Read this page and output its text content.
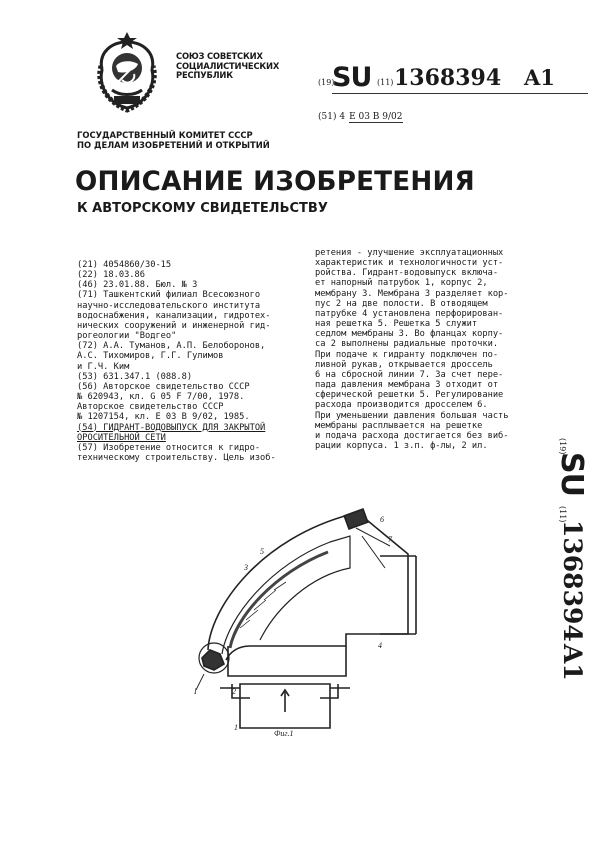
СОЮЗ СОВЕТСКИХ
СОЦИАЛИСТИЧЕСКИХ
РЕСПУБЛИК
(19)
SU (11) 1368394 A1
(51) 4 E 03 B 9/02
ГОСУДАРСТВЕННЫЙ КОМИТЕТ СССР
ПО ДЕЛАМ ИЗОБРЕТЕНИЙ И ОТКРЫТИЙ
ОПИСАНИЕ ИЗОБРЕТЕНИЯ
К АВТОРСКОМУ СВИДЕТЕЛЬСТВУ
(21) 4054860/30-15
(22) 18.03.86
(46) 23.01.88. Бюл. № 3
(71) Ташкентский филиал Всесоюзного
научно-исследовательского института
водоснабжения, канализации, гидротех-
нических сооружений и инженерной гид-
рогеологии "Водгео"
(72) А.А. Туманов, А.П. Белоборонов,
А.С. Тихомиров, Г.Г. Гулимов
и Г.Ч. Ким
(53) 631.347.1 (088.8)
(56) Авторское свидетельство СССР
№ 620943, кл. G 05 F 7/00, 1978.
Авторское свидетельство СССР
№ 1207154, кл. E 03 B 9/02, 1985.
(54) ГИДРАНТ-ВОДОВЫПУСК ДЛЯ ЗАКРЫТОЙ
ОРОСИТЕЛЬНОЙ СЕТИ
(57) Изобретение относится к гидро-
техническому строительству. Цель изоб-
ретения - улучшение эксплуатационных
характеристик и технологичности уст-
ройства. Гидрант-водовыпуск включа-
ет напорный патрубок 1, корпус 2,
мембрану 3. Мембрана 3 разделяет кор-
пус 2 на две полости. В отводящем
патрубке 4 установлена перфорирован-
ная решетка 5. Решетка 5 служит
седлом мембраны 3. Во фланцах корпу-
са 2 выполнены радиальные проточки.
При подаче к гидранту подключен по-
ливной рукав, открывается дроссель
6 на сбросной линии 7. За счет пере-
пада давления мембрана 3 отходит от
сферической решетки 5. Регулирование
расхода производится дросселем 6.
При уменьшении давления большая часть
мембраны расплывается на решетке
и подача расхода достигается без виб-
рации корпуса. 1 з.п. ф-лы, 2 ил.	(19)
SU
(11)
1368394
A1
6
7
5
3
4
I	2
1
Фиг.1
